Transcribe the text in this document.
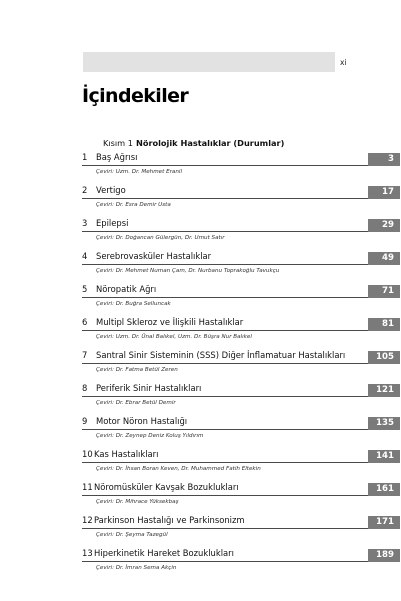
xi
İçindekiler
Kısım 1 Nörolojik Hastalıklar (Durumlar)
1 Baş Ağrısı	3
Çeviri: Uzm. Dr. Mehmet Eranil
2 Vertigo	17
Çeviri: Dr. Esra Demir Usta
3 Epilepsi	29
Çeviri: Dr. Doğancan Gülergün, Dr. Umut Satır
4 Serebrovasküler Hastalıklar	49
Çeviri: Dr. Mehmet Numan Çam, Dr. Nurbanu Toprakoğlu Tavukçu
5 Nöropatik Ağrı	71
Çeviri: Dr. Buğra Selluncak
6 Multipl Skleroz ve İlişkili Hastalıklar	81
Çeviri: Uzm. Dr. Ünal Balıkel, Uzm. Dr. Büşra Nur Balıkel
7 Santral Sinir Sisteminin (SSS) Diğer İnflamatuar Hastalıkları	105
Çeviri: Dr. Fatma Betül Zeren
8 Periferik Sinir Hastalıkları	121
Çeviri: Dr. Ebrar Betül Demir
9 Motor Nöron Hastalığı	135
Çeviri: Dr. Zeynep Deniz Koluş Yıldırım
10 Kas Hastalıkları	141
Çeviri: Dr. İhsan Boran Keven, Dr. Muhammed Fatih Eltekin
11 Nöromüsküler Kavşak Bozuklukları	161
Çeviri: Dr. Mihrace Yüksekbaş
12 Parkinson Hastalığı ve Parkinsonizm	171
Çeviri: Dr. Şeyma Tazegül
13 Hiperkinetik Hareket Bozuklukları	189
Çeviri: Dr. İmran Sema Akçin
